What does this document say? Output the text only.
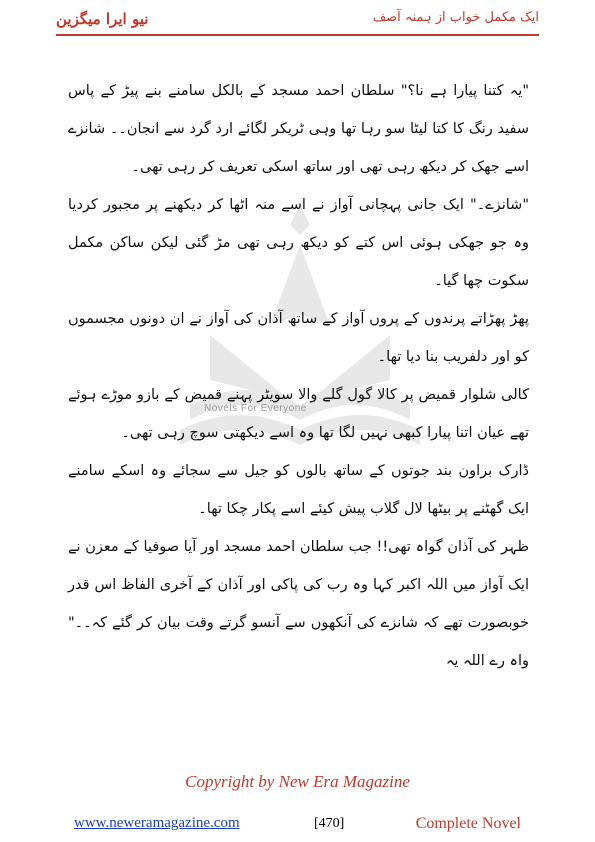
نیو ایرا میگزین	ایک مکمل خواب از ہمنہ آصف
Novels For Everyone

"یہ کتنا پیارا ہے نا؟" سلطان احمد مسجد کے بالکل سامنے بنے پیڑ کے پاس سفید رنگ کا کتا لیٹا سو رہا تھا وہی ٹریکر لگائے ارد گرد سے انجان۔۔ شانزے اسے جھک کر دیکھ رہی تھی اور ساتھ اسکی تعریف کر رہی تھی۔

"شانزے۔" ایک جانی پہچانی آواز نے اسے منہ اٹھا کر دیکھنے پر مجبور کردیا وہ جو جھکی ہوئی اس کتے کو دیکھ رہی تھی مڑ گئی لیکن ساکن مکمل سکوت چھا گیا۔

پھڑ پھڑاتے پرندوں کے پروں آواز کے ساتھ آذان کی آواز نے ان دونوں مجسموں کو اور دلفریب بنا دیا تھا۔

کالی شلوار قمیض پر کالا گول گلے والا سویٹر پہنے قمیض کے بازو موڑے ہوئے تھے عیان اتنا پیارا کبھی نہیں لگا تھا وہ اسے دیکھتی سوچ رہی تھی۔

ڈارک براون بند جوتوں کے ساتھ بالوں کو جیل سے سجائے وہ اسکے سامنے ایک گھٹنے پر بیٹھا لال گلاب پیش کیئے اسے پکار چکا تھا۔

ظہر کی آذان گواہ تھی!! جب سلطان احمد مسجد اور آیا صوفیا کے معزن نے ایک آواز میں اللہ اکبر کہا وہ رب کی پاکی اور آذان کے آخری الفاظ اس قدر خوبصورت تھے کہ شانزے کی آنکھوں سے آنسو گرتے وقت بیان کر گئے کہ۔۔" واہ رے اللہ یہ

Copyright by New Era Magazine
www.neweramagazine.com	[470]	Complete Novel
